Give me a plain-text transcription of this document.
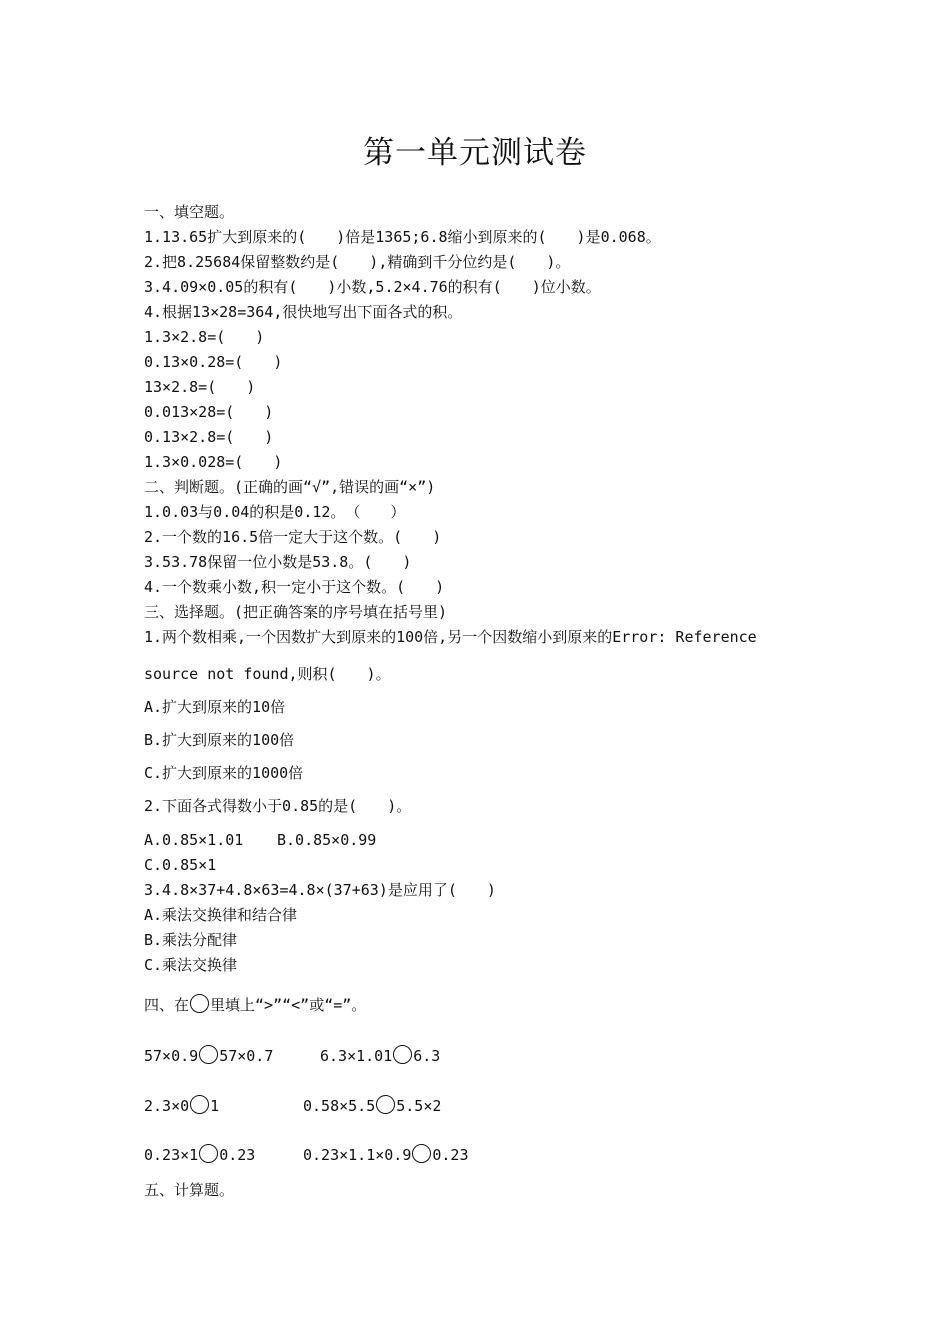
第一单元测试卷
一、填空题。
1.13.65扩大到原来的(　　)倍是1365;6.8缩小到原来的(　　)是0.068。
2.把8.25684保留整数约是(　　),精确到千分位约是(　　)。
3.4.09×0.05的积有(　　)小数,5.2×4.76的积有(　　)位小数。
4.根据13×28=364,很快地写出下面各式的积。
1.3×2.8=(　　)
0.13×0.28=(　　)
13×2.8=(　　)
0.013×28=(　　)
0.13×2.8=(　　)
1.3×0.028=(　　)
二、判断题。(正确的画“√”,错误的画“×”)
1.0.03与0.04的积是0.12。　（　　）
2.一个数的16.5倍一定大于这个数。(　　)
3.53.78保留一位小数是53.8。(　　)
4.一个数乘小数,积一定小于这个数。(　　)
三、选择题。(把正确答案的序号填在括号里)
1.两个数相乘,一个因数扩大到原来的100倍,另一个因数缩小到原来的Error: Reference
source not found,则积(　　)。
A.扩大到原来的10倍
B.扩大到原来的100倍
C.扩大到原来的1000倍
2.下面各式得数小于0.85的是(　　)。
A.0.85×1.01 B.0.85×0.99
C.0.85×1
3.4.8×37+4.8×63=4.8×(37+63)是应用了(　　)
A.乘法交换律和结合律
B.乘法分配律
C.乘法交换律
四、在 里填上“>”“<”或“=”。
57×0.9 57×0.7	6.3×1.01 6.3
2.3×0 1	0.58×5.5 5.5×2
0.23×1 0.23	0.23×1.1×0.9 0.23
五、计算题。
